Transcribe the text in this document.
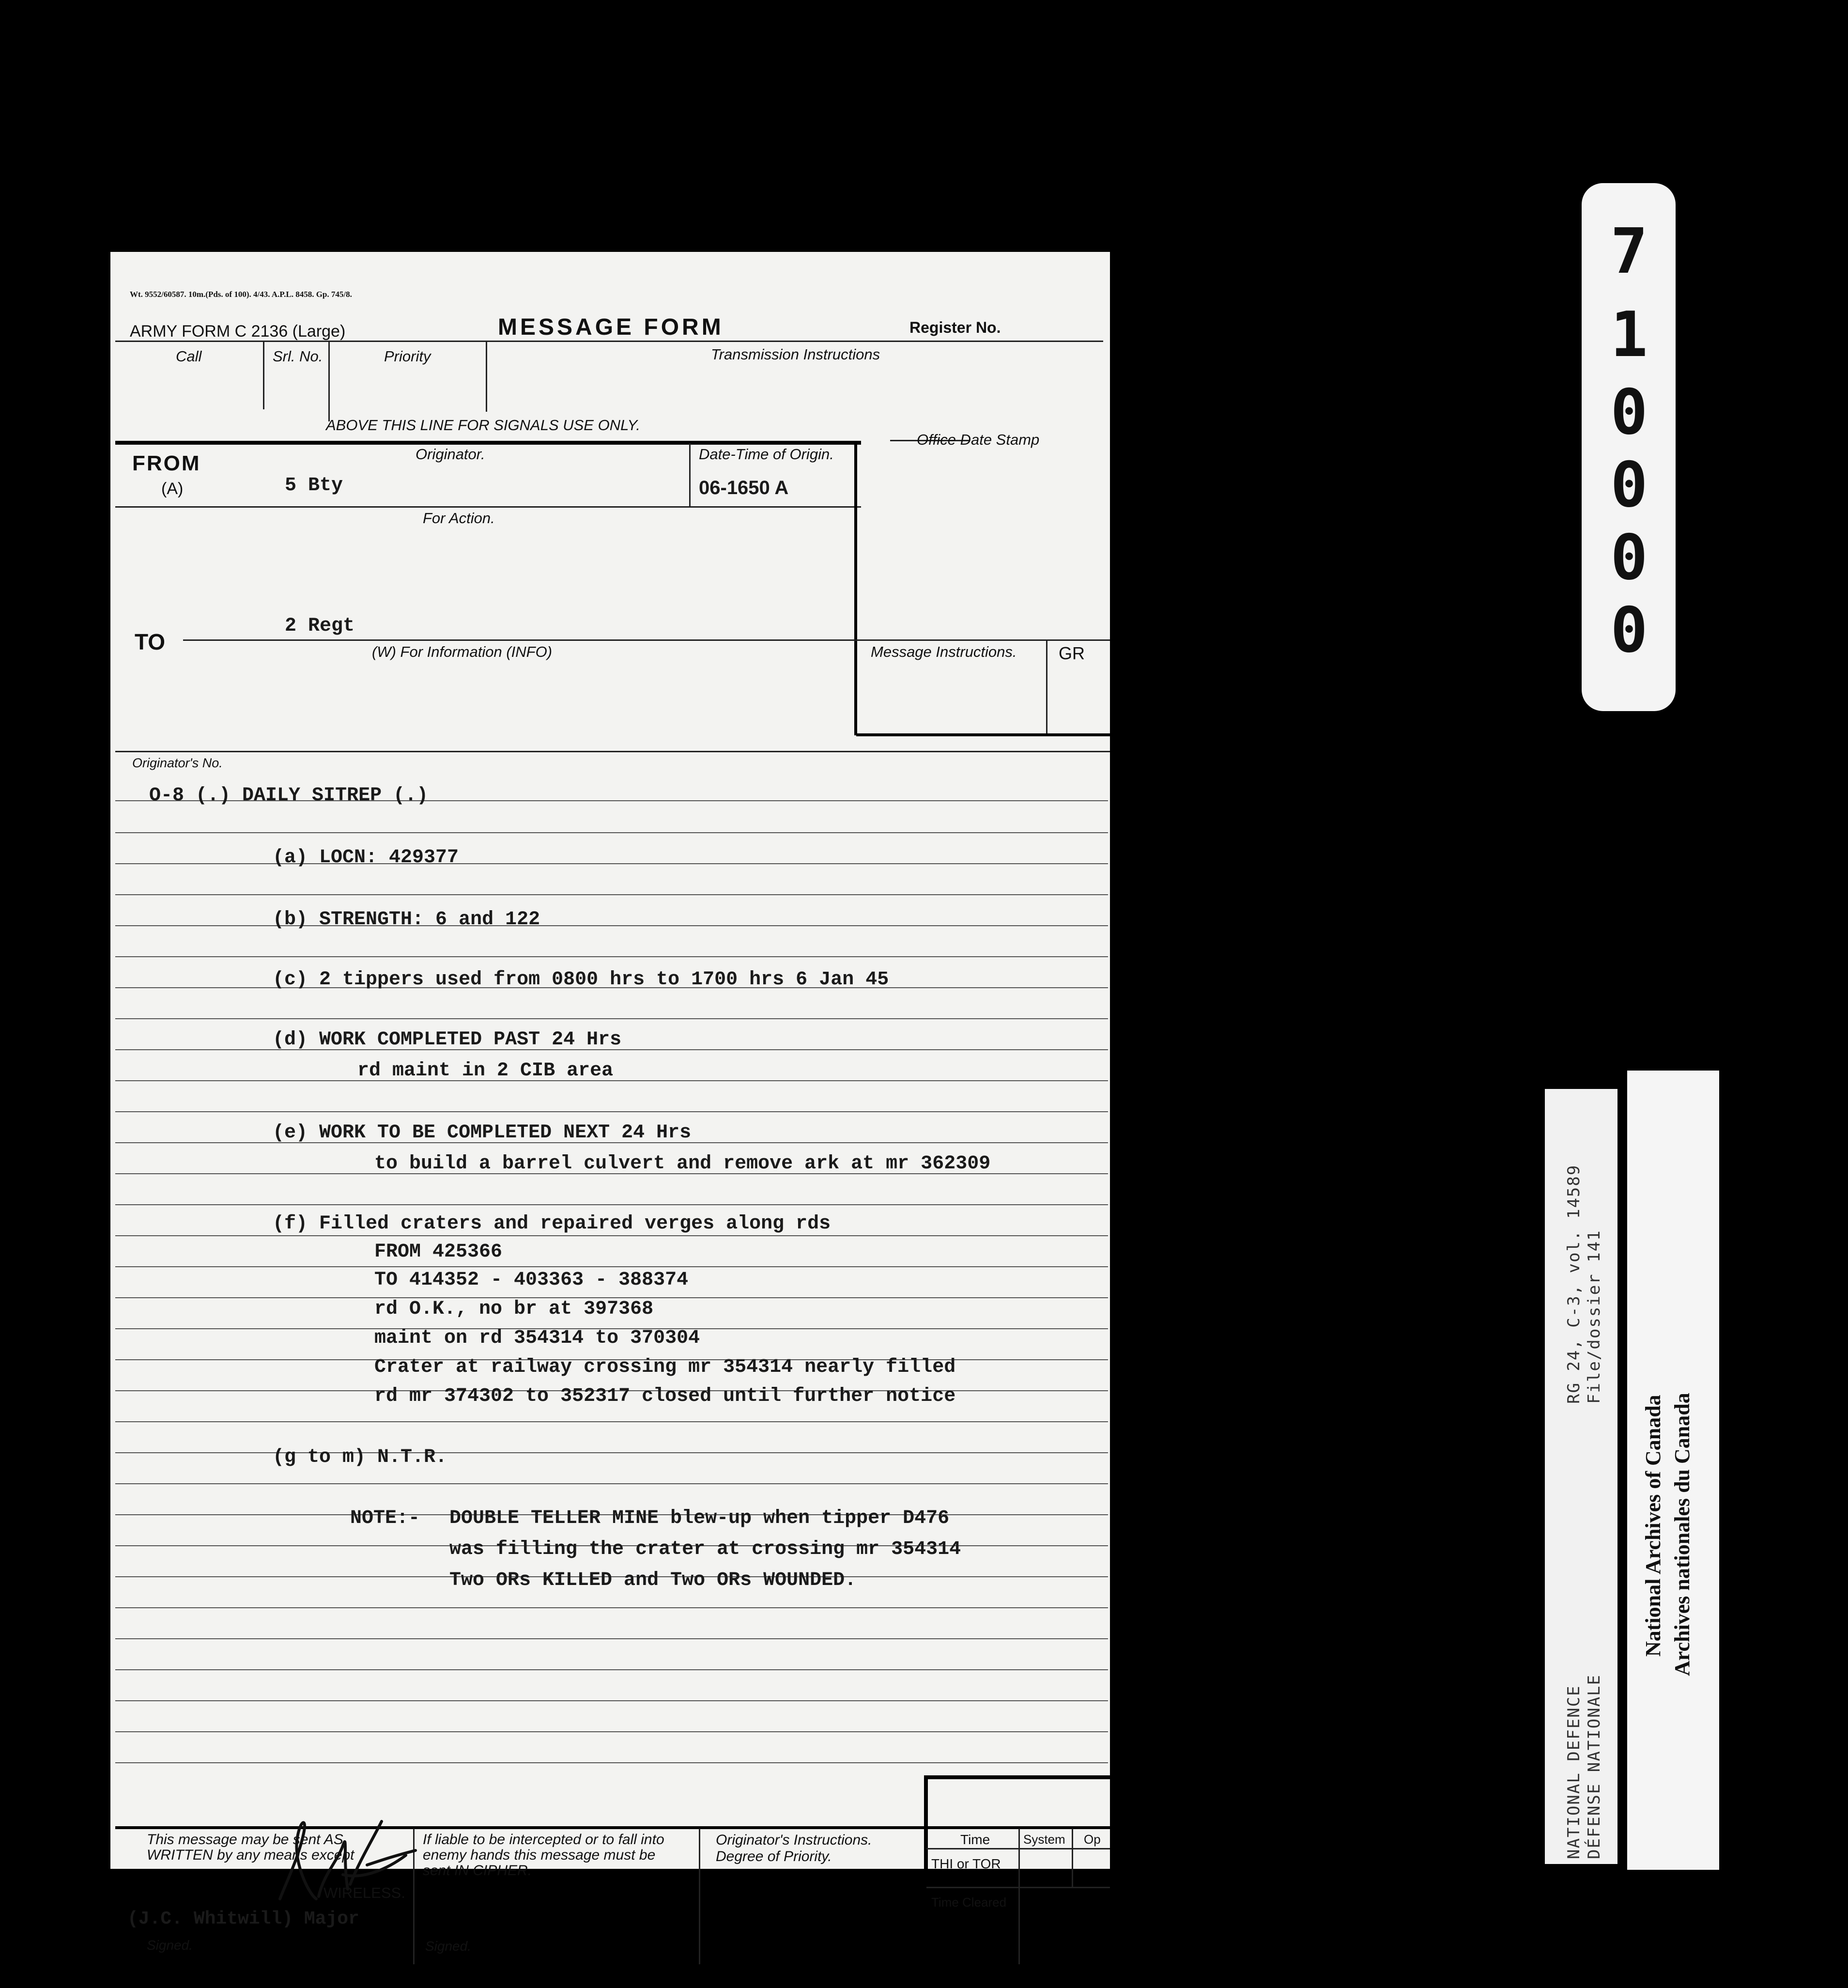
Wt. 9552/60587. 10m.(Pds. of 100). 4/43. A.P.L. 8458. Gp. 745/8.
ARMY FORM C 2136 (Large)	MESSAGE FORM	Register No.
Call	Srl. No.	Priority	Transmission Instructions
ABOVE THIS LINE FOR SIGNALS USE ONLY.
FROM
(A)
Originator.
5 Bty
Date-Time of Origin.
06-1650 A
Office Date Stamp
For Action.
2 Regt
TO	(W) For Information (INFO)	Message Instructions. GR
Originator's No.
O-8 (.) DAILY SITREP (.)
(a) LOCN: 429377
(b) STRENGTH: 6 and 122
(c) 2 tippers used from 0800 hrs to 1700 hrs 6 Jan 45
(d) WORK COMPLETED PAST 24 Hrs
rd maint in 2 CIB area
(e) WORK TO BE COMPLETED NEXT 24 Hrs
to build a barrel culvert and remove ark at mr 362309
(f) Filled craters and repaired verges along rds
FROM 425366
TO 414352 - 403363 - 388374
rd O.K., no br at 397368
maint on rd 354314 to 370304
Crater at railway crossing mr 354314 nearly filled
rd mr 374302 to 352317 closed until further notice
(g to m) N.T.R.
NOTE:- DOUBLE TELLER MINE blew-up when tipper D476
was filling the crater at crossing mr 354314
Two ORs KILLED and Two ORs WOUNDED.
This message may be sent AS WRITTEN by any means except
WIRELESS.
(J.C. Whitwill) Major
Signed.
If liable to be intercepted or to fall into enemy hands this message must be sent IN CIPHER.
Signed.
Originator's Instructions.
Degree of Priority.
Time	System Op
THI or TOR
Time Cleared
7
1
0
0
0
0
RG 24, C-3, vol. 14589 File/dossier 141
NATIONAL DEFENCE DÉFENSE NATIONALE
National Archives of Canada Archives nationales du Canada
